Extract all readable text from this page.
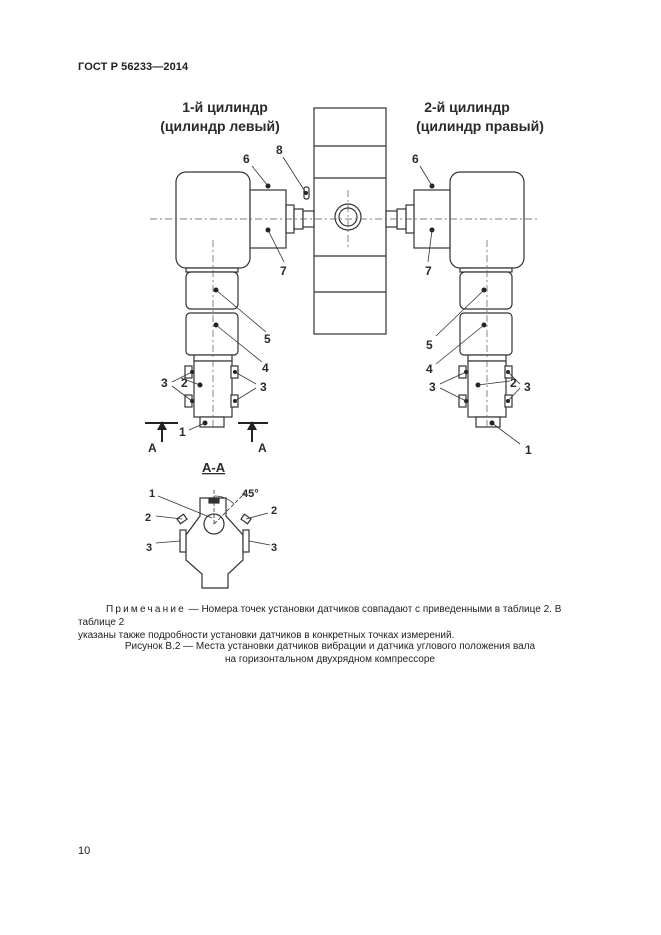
ГОСТ Р 56233—2014
1-й цилиндр
(цилиндр левый)
2-й цилиндр
(цилиндр правый)
6
8
7
5
4
2
3	3
1
6
7
5
4
3	2 3
1
А	А
А-А
45°
1
2
3
2
3
Примечание — Номера точек установки датчиков совпадают с приведенными в таблице 2. В таблице 2
указаны также подробности установки датчиков в конкретных точках измерений.
Рисунок В.2 — Места установки датчиков вибрации и датчика углового положения вала
на горизонтальном двухрядном компрессоре
10
